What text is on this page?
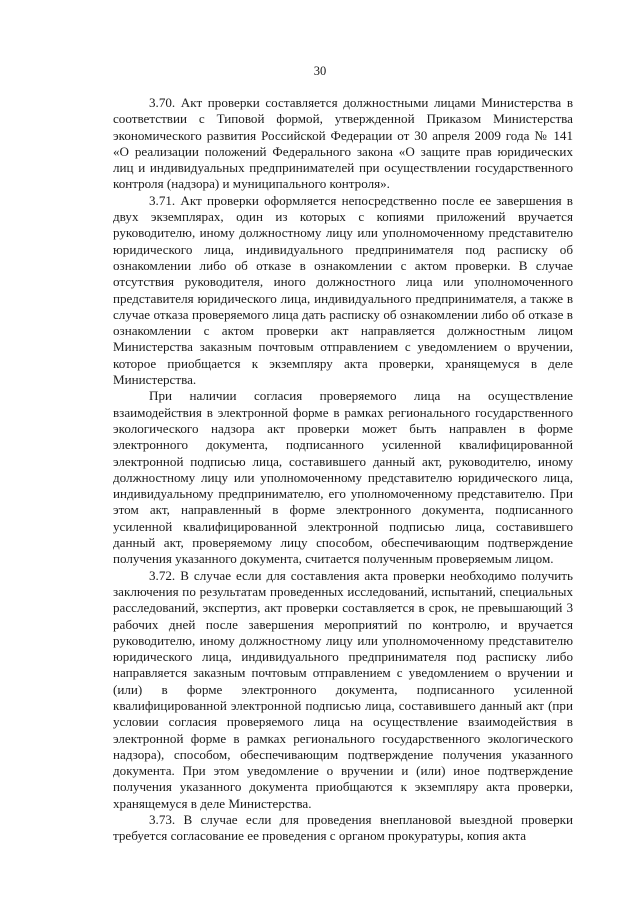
30

3.70. Акт проверки составляется должностными лицами Министерства в соответствии с Типовой формой, утвержденной Приказом Министерства экономического развития Российской Федерации от 30 апреля 2009 года № 141 «О реализации положений Федерального закона «О защите прав юридических лиц и индивидуальных предпринимателей при осуществлении государственного контроля (надзора) и муниципального контроля».

3.71. Акт проверки оформляется непосредственно после ее завершения в двух экземплярах, один из которых с копиями приложений вручается руководителю, иному должностному лицу или уполномоченному представителю юридического лица, индивидуального предпринимателя под расписку об ознакомлении либо об отказе в ознакомлении с актом проверки. В случае отсутствия руководителя, иного должностного лица или уполномоченного представителя юридического лица, индивидуального предпринимателя, а также в случае отказа проверяемого лица дать расписку об ознакомлении либо об отказе в ознакомлении с актом проверки акт направляется должностным лицом Министерства заказным почтовым отправлением с уведомлением о вручении, которое приобщается к экземпляру акта проверки, хранящемуся в деле Министерства.

При наличии согласия проверяемого лица на осуществление взаимодействия в электронной форме в рамках регионального государственного экологического надзора акт проверки может быть направлен в форме электронного документа, подписанного усиленной квалифицированной электронной подписью лица, составившего данный акт, руководителю, иному должностному лицу или уполномоченному представителю юридического лица, индивидуальному предпринимателю, его уполномоченному представителю. При этом акт, направленный в форме электронного документа, подписанного усиленной квалифицированной электронной подписью лица, составившего данный акт, проверяемому лицу способом, обеспечивающим подтверждение получения указанного документа, считается полученным проверяемым лицом.

3.72. В случае если для составления акта проверки необходимо получить заключения по результатам проведенных исследований, испытаний, специальных расследований, экспертиз, акт проверки составляется в срок, не превышающий 3 рабочих дней после завершения мероприятий по контролю, и вручается руководителю, иному должностному лицу или уполномоченному представителю юридического лица, индивидуального предпринимателя под расписку либо направляется заказным почтовым отправлением с уведомлением о вручении и (или) в форме электронного документа, подписанного усиленной квалифицированной электронной подписью лица, составившего данный акт (при условии согласия проверяемого лица на осуществление взаимодействия в электронной форме в рамках регионального государственного экологического надзора), способом, обеспечивающим подтверждение получения указанного документа. При этом уведомление о вручении и (или) иное подтверждение получения указанного документа приобщаются к экземпляру акта проверки, хранящемуся в деле Министерства.

3.73. В случае если для проведения внеплановой выездной проверки требуется согласование ее проведения с органом прокуратуры, копия акта
